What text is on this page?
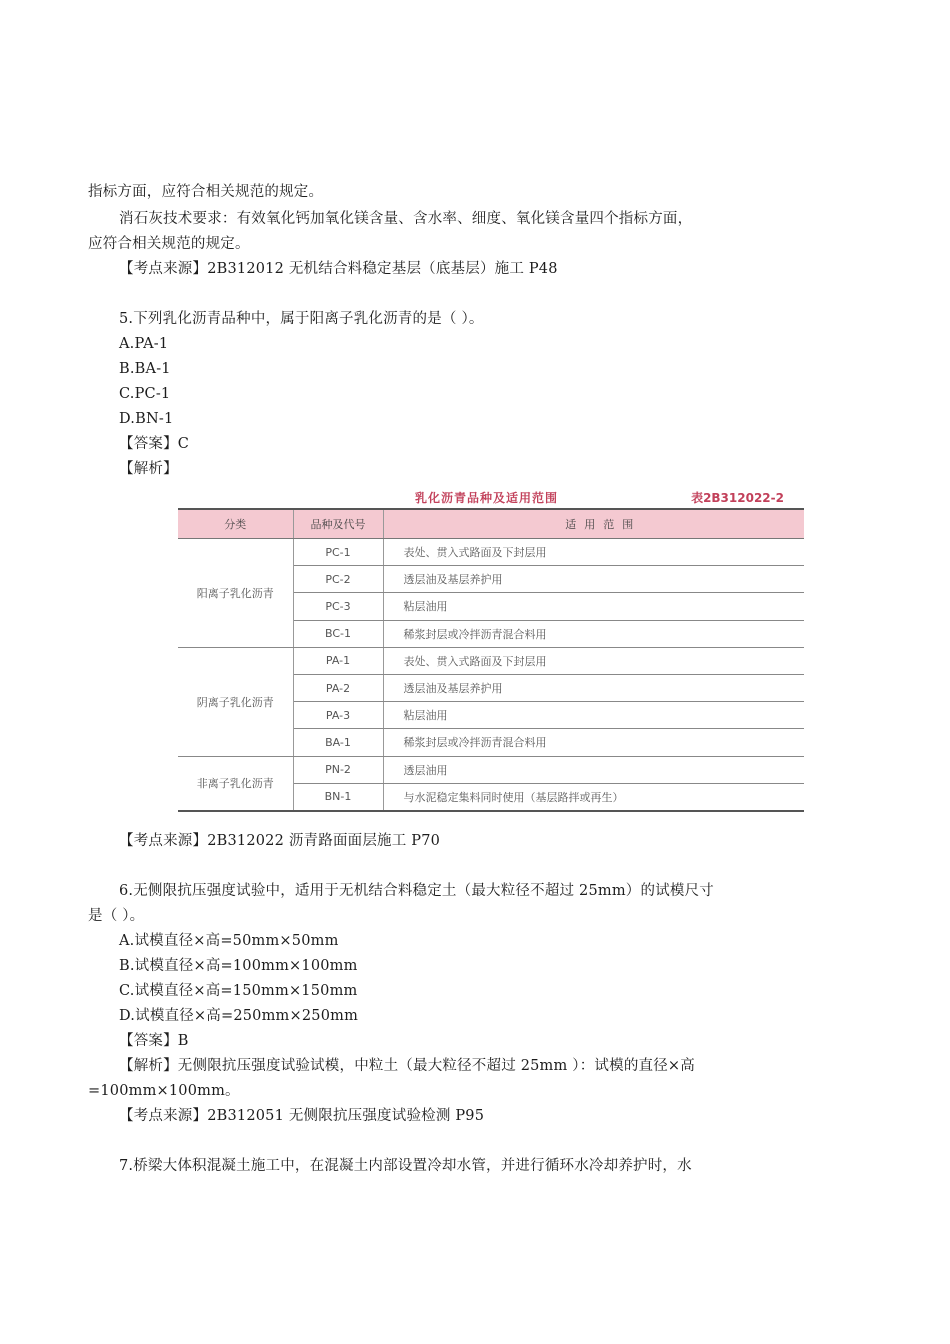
指标方面，应符合相关规范的规定。
消石灰技术要求：有效氧化钙加氧化镁含量、含水率、细度、氧化镁含量四个指标方面，
应符合相关规范的规定。
【考点来源】2B312012 无机结合料稳定基层（底基层）施工 P48
5.下列乳化沥青品种中，属于阳离子乳化沥青的是（ ）。
A.PA-1
B.BA-1
C.PC-1
D.BN-1
【答案】C
【解析】
乳化沥青品种及适用范围	表2B312022-2
分类	品种及代号	适用范围
阳离子乳化沥青	PC-1	表处、贯入式路面及下封层用
	PC-2	透层油及基层养护用
	PC-3	粘层油用
	BC-1	稀浆封层或冷拌沥青混合料用
阴离子乳化沥青	PA-1	表处、贯入式路面及下封层用
	PA-2	透层油及基层养护用
	PA-3	粘层油用
	BA-1	稀浆封层或冷拌沥青混合料用
非离子乳化沥青	PN-2	透层油用
	BN-1	与水泥稳定集料同时使用（基层路拌或再生）
【考点来源】2B312022 沥青路面面层施工 P70
6.无侧限抗压强度试验中，适用于无机结合料稳定土（最大粒径不超过 25mm）的试模尺寸
是（ ）。
A.试模直径×高=50mm×50mm
B.试模直径×高=100mm×100mm
C.试模直径×高=150mm×150mm
D.试模直径×高=250mm×250mm
【答案】B
【解析】无侧限抗压强度试验试模，中粒土（最大粒径不超过 25mm ）：试模的直径×高
=100mm×100mm。
【考点来源】2B312051 无侧限抗压强度试验检测 P95
7.桥梁大体积混凝土施工中，在混凝土内部设置冷却水管，并进行循环水冷却养护时，水
